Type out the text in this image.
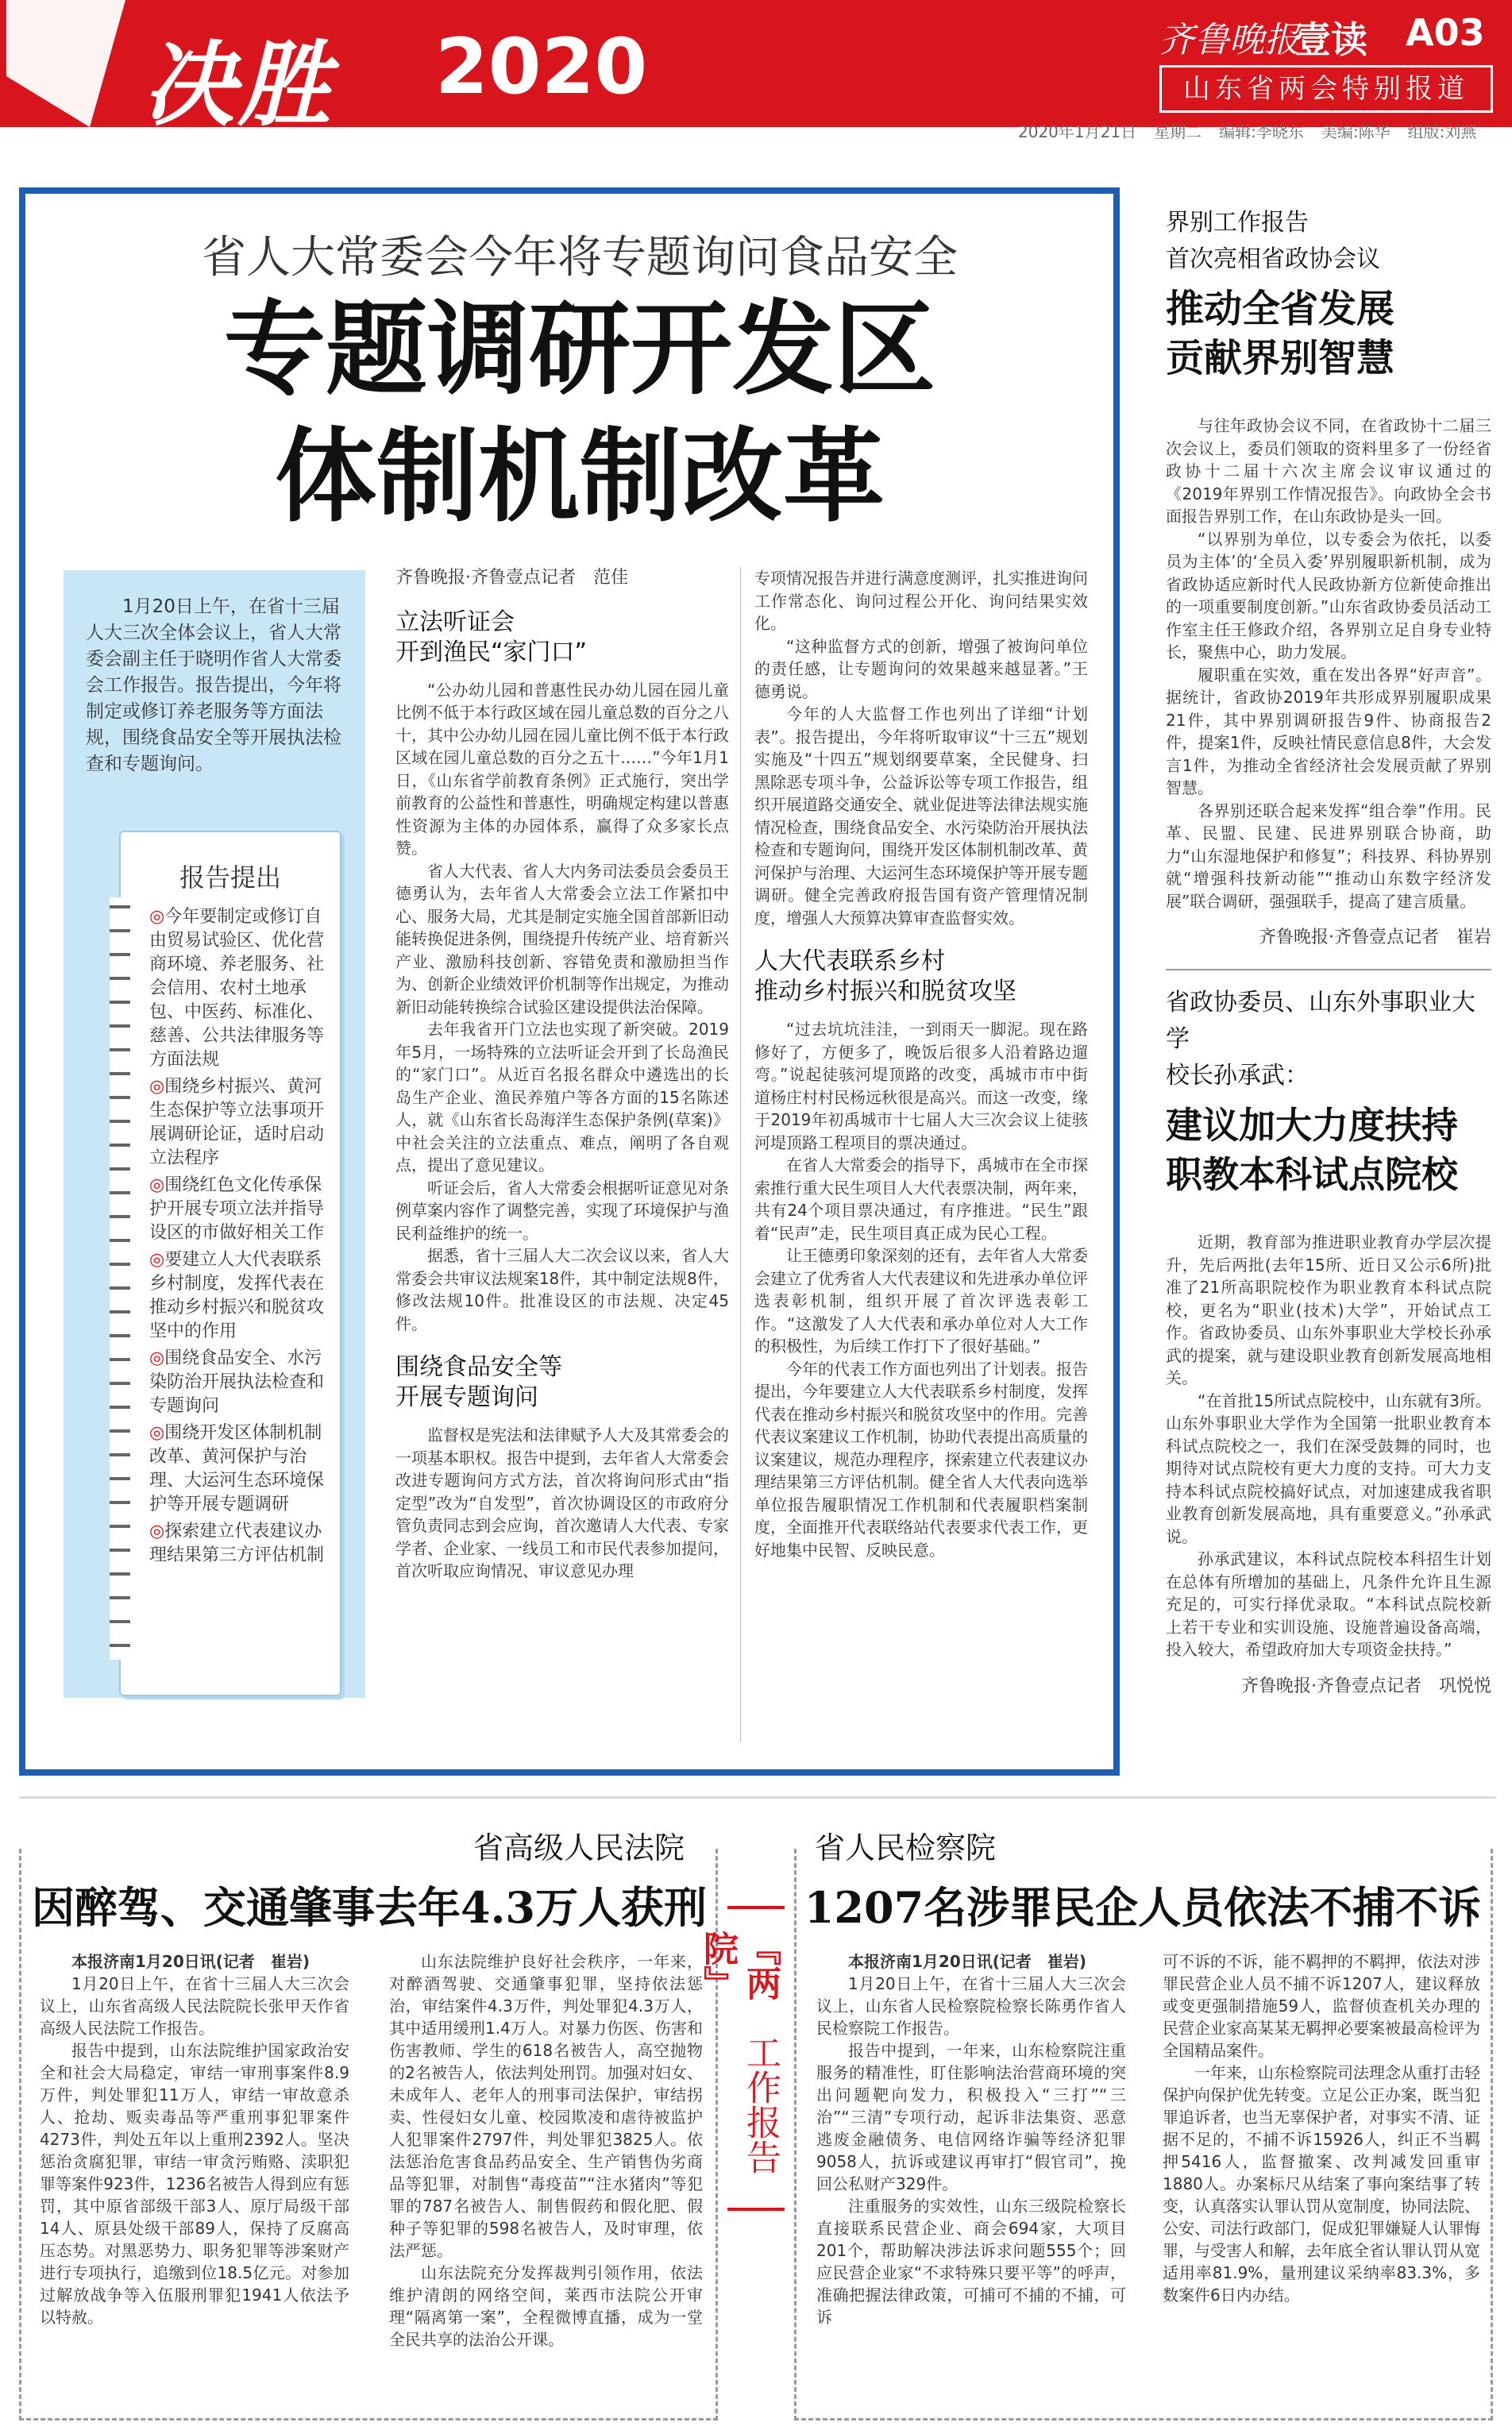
决胜 2020	齐鲁晚报
壹读 A03
山东省两会特别报道
2020年1月21日 星期二 编辑:李晓东 美编:陈华 组版:刘燕
省人大常委会今年将专题询问食品安全
专题调研开发区
体制机制改革
1月20日上午，在省十三届人大三次全体会议上，省人大常委会副主任于晓明作省人大常委会工作报告。报告提出，今年将制定或修订养老服务等方面法规，围绕食品安全等开展执法检查和专题询问。
报告提出
◎ 今年要制定或修订自由贸易试验区、优化营商环境、养老服务、社会信用、农村土地承包、中医药、标准化、慈善、公共法律服务等方面法规
◎ 围绕乡村振兴、黄河生态保护等立法事项开展调研论证，适时启动立法程序
◎ 围绕红色文化传承保护开展专项立法并指导设区的市做好相关工作
◎ 要建立人大代表联系乡村制度，发挥代表在推动乡村振兴和脱贫攻坚中的作用
◎ 围绕食品安全、水污染防治开展执法检查和专题询问
◎ 围绕开发区体制机制改革、黄河保护与治理、大运河生态环境保护等开展专题调研
◎ 探索建立代表建议办理结果第三方评估机制
齐鲁晚报·齐鲁壹点记者　范佳
立法听证会
开到渔民“家门口”

“公办幼儿园和普惠性民办幼儿园在园儿童比例不低于本行政区域在园儿童总数的百分之八十，其中公办幼儿园在园儿童比例不低于本行政区域在园儿童总数的百分之五十……”今年1月1日，《山东省学前教育条例》正式施行，突出学前教育的公益性和普惠性，明确规定构建以普惠性资源为主体的办园体系，赢得了众多家长点赞。

省人大代表、省人大内务司法委员会委员王德勇认为，去年省人大常委会立法工作紧扣中心、服务大局，尤其是制定实施全国首部新旧动能转换促进条例，围绕提升传统产业、培育新兴产业、激励科技创新、容错免责和激励担当作为、创新企业绩效评价机制等作出规定，为推动新旧动能转换综合试验区建设提供法治保障。

去年我省开门立法也实现了新突破。2019年5月，一场特殊的立法听证会开到了长岛渔民的“家门口”。从近百名报名群众中遴选出的长岛生产企业、渔民养殖户等各方面的15名陈述人，就《山东省长岛海洋生态保护条例(草案)》中社会关注的立法重点、难点，阐明了各自观点，提出了意见建议。

听证会后，省人大常委会根据听证意见对条例草案内容作了调整完善，实现了环境保护与渔民利益维护的统一。

据悉，省十三届人大二次会议以来，省人大常委会共审议法规案18件，其中制定法规8件，修改法规10件。批准设区的市法规、决定45件。

围绕食品安全等
开展专题询问

监督权是宪法和法律赋予人大及其常委会的一项基本职权。报告中提到，去年省人大常委会改进专题询问方式方法，首次将询问形式由“指定型”改为“自发型”，首次协调设区的市政府分管负责同志到会应询，首次邀请人大代表、专家学者、企业家、一线员工和市民代表参加提问，首次听取应询情况、审议意见办理

专项情况报告并进行满意度测评，扎实推进询问工作常态化、询问过程公开化、询问结果实效化。

“这种监督方式的创新，增强了被询问单位的责任感，让专题询问的效果越来越显著。”王德勇说。

今年的人大监督工作也列出了详细“计划表”。报告提出，今年将听取审议“十三五”规划实施及“十四五”规划纲要草案，全民健身、扫黑除恶专项斗争，公益诉讼等专项工作报告，组织开展道路交通安全、就业促进等法律法规实施情况检查，围绕食品安全、水污染防治开展执法检查和专题询问，围绕开发区体制机制改革、黄河保护与治理、大运河生态环境保护等开展专题调研。健全完善政府报告国有资产管理情况制度，增强人大预算决算审查监督实效。

人大代表联系乡村
推动乡村振兴和脱贫攻坚

“过去坑坑洼洼，一到雨天一脚泥。现在路修好了，方便多了，晚饭后很多人沿着路边遛弯。”说起徒骇河堤顶路的改变，禹城市市中街道杨庄村村民杨远秋很是高兴。而这一改变，缘于2019年初禹城市十七届人大三次会议上徒骇河堤顶路工程项目的票决通过。

在省人大常委会的指导下，禹城市在全市探索推行重大民生项目人大代表票决制，两年来，共有24个项目票决通过，有序推进。“民生”跟着“民声”走，民生项目真正成为民心工程。

让王德勇印象深刻的还有，去年省人大常委会建立了优秀省人大代表建议和先进承办单位评选表彰机制，组织开展了首次评选表彰工作。“这激发了人大代表和承办单位对人大工作的积极性，为后续工作打下了很好基础。”

今年的代表工作方面也列出了计划表。报告提出，今年要建立人大代表联系乡村制度，发挥代表在推动乡村振兴和脱贫攻坚中的作用。完善代表议案建议工作机制，协助代表提出高质量的议案建议，规范办理程序，探索建立代表建议办理结果第三方评估机制。健全省人大代表向选举单位报告履职情况工作机制和代表履职档案制度，全面推开代表联络站代表要求代表工作，更好地集中民智、反映民意。

界别工作报告

首次亮相省政协会议

推动全省发展
贡献界别智慧

与往年政协会议不同，在省政协十二届三次会议上，委员们领取的资料里多了一份经省政协十二届十六次主席会议审议通过的《2019年界别工作情况报告》。向政协全会书面报告界别工作，在山东政协是头一回。

“以界别为单位，以专委会为依托，以委员为主体’的‘全员入委’界别履职新机制，成为省政协适应新时代人民政协新方位新使命推出的一项重要制度创新。”山东省政协委员活动工作室主任王修政介绍，各界别立足自身专业特长，聚焦中心，助力发展。

履职重在实效，重在发出各界“好声音”。据统计，省政协2019年共形成界别履职成果21件，其中界别调研报告9件、协商报告2件，提案1件，反映社情民意信息8件，大会发言1件，为推动全省经济社会发展贡献了界别智慧。

各界别还联合起来发挥“组合拳”作用。民革、民盟、民建、民进界别联合协商，助力“山东湿地保护和修复”；科技界、科协界别就“增强科技新动能”“推动山东数字经济发展”联合调研，强强联手，提高了建言质量。

齐鲁晚报·齐鲁壹点记者　崔岩

省政协委员、山东外事职业大学

校长孙承武：

建议加大力度扶持
职教本科试点院校

近期，教育部为推进职业教育办学层次提升，先后两批(去年15所、近日又公示6所)批准了21所高职院校作为职业教育本科试点院校，更名为“职业(技术)大学”，开始试点工作。省政协委员、山东外事职业大学校长孙承武的提案，就与建设职业教育创新发展高地相关。

“在首批15所试点院校中，山东就有3所。山东外事职业大学作为全国第一批职业教育本科试点院校之一，我们在深受鼓舞的同时，也期待对试点院校有更大力度的支持。可大力支持本科试点院校搞好试点，对加速建成我省职业教育创新发展高地，具有重要意义。”孙承武说。

孙承武建议，本科试点院校本科招生计划在总体有所增加的基础上，凡条件允许且生源充足的，可实行择优录取。“本科试点院校新上若干专业和实训设施、设施普遍设备高端，投入较大，希望政府加大专项资金扶持。”

齐鲁晚报·齐鲁壹点记者　巩悦悦
省高级人民法院
因醉驾、交通肇事去年4.3万人获刑
本报济南1月20日讯(记者　崔岩)

1月20日上午，在省十三届人大三次会议上，山东省高级人民法院院长张甲天作省高级人民法院工作报告。

报告中提到，山东法院维护国家政治安全和社会大局稳定，审结一审刑事案件8.9万件，判处罪犯11万人，审结一审故意杀人、抢劫、贩卖毒品等严重刑事犯罪案件4273件，判处五年以上重刑2392人。坚决惩治贪腐犯罪，审结一审贪污贿赂、渎职犯罪等案件923件，1236名被告人得到应有惩罚，其中原省部级干部3人、原厅局级干部14人、原县处级干部89人，保持了反腐高压态势。对黑恶势力、职务犯罪等涉案财产进行专项执行，追缴到位18.5亿元。对参加过解放战争等入伍服刑罪犯1941人依法予以特赦。

山东法院维护良好社会秩序，一年来，对醉酒驾驶、交通肇事犯罪，坚持依法惩治，审结案件4.3万件，判处罪犯4.3万人，其中适用缓刑1.4万人。对暴力伤医、伤害和伤害教师、学生的618名被告人，高空抛物的2名被告人，依法判处刑罚。加强对妇女、未成年人、老年人的刑事司法保护，审结拐卖、性侵妇女儿童、校园欺凌和虐待被监护人犯罪案件2797件，判处罪犯3825人。依法惩治危害食品药品安全、生产销售伪劣商品等犯罪，对制售“毒疫苗”“注水猪肉”等犯罪的787名被告人、制售假药和假化肥、假种子等犯罪的598名被告人，及时审理，依法严惩。

山东法院充分发挥裁判引领作用，依法维护清朗的网络空间，莱西市法院公开审理“隔离第一案”，全程微博直播，成为一堂全民共享的法治公开课。

『两院』
工作报告
省人民检察院
1207名涉罪民企人员依法不捕不诉
本报济南1月20日讯(记者　崔岩)

1月20日上午，在省十三届人大三次会议上，山东省人民检察院检察长陈勇作省人民检察院工作报告。

报告中提到，一年来，山东检察院注重服务的精准性，盯住影响法治营商环境的突出问题靶向发力，积极投入“三打”“三治”“三清”专项行动，起诉非法集资、恶意逃废金融债务、电信网络诈骗等经济犯罪9058人，抗诉或建议再审打“假官司”，挽回公私财产329件。

注重服务的实效性，山东三级院检察长直接联系民营企业、商会694家，大项目201个，帮助解决涉法诉求问题555个；回应民营企业家“不求特殊只要平等”的呼声，准确把握法律政策，可捕可不捕的不捕，可诉

可不诉的不诉，能不羁押的不羁押，依法对涉罪民营企业人员不捕不诉1207人，建议释放或变更强制措施59人，监督侦查机关办理的民营企业家高某某无羁押必要案被最高检评为全国精品案件。

一年来，山东检察院司法理念从重打击轻保护向保护优先转变。立足公正办案，既当犯罪追诉者，也当无辜保护者，对事实不清、证据不足的，不捕不诉15926人，纠正不当羁押5416人，监督撤案、改判减发回重审1880人。办案标尺从结案了事向案结事了转变，认真落实认罪认罚从宽制度，协同法院、公安、司法行政部门，促成犯罪嫌疑人认罪悔罪，与受害人和解，去年底全省认罪认罚从宽适用率81.9%，量刑建议采纳率83.3%，多数案件6日内办结。
